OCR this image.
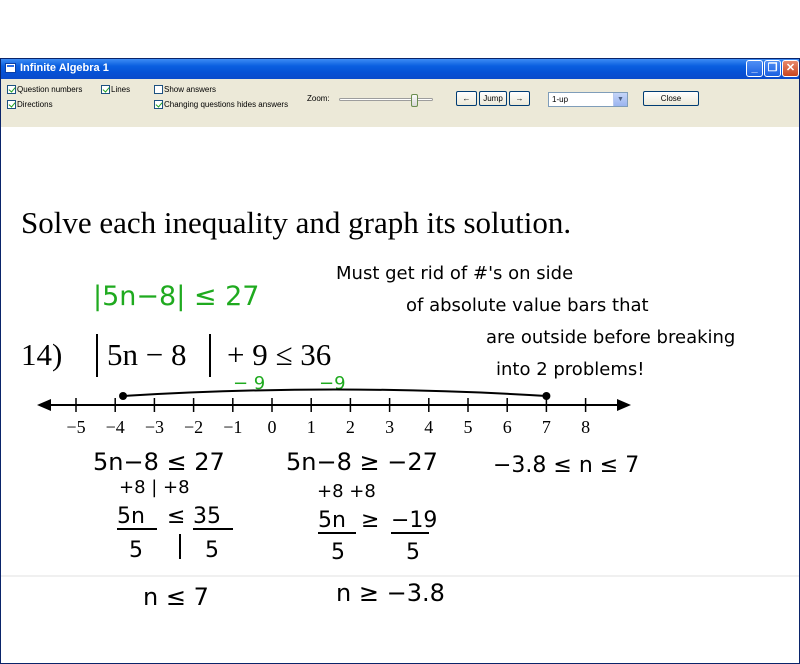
Infinite Algebra 1	_ ❐ ✕
Question numbers
Directions
Lines	Show answers
Changing questions hides answers
Zoom:	←	Jump	→	1-up	▼	Close
Solve each inequality and graph its solution.
|5n−8| ≤ 27
Must get rid of #'s on side
of absolute value bars that
are outside before breaking
into 2 problems!
14) 5n − 8 + 9 ≤ 36
− 9	−9
−5 −4 −3 −2 −1 0 1 2 3 4 5 6 7 8
5n−8 ≤ 27
+8 | +8
5n ≤ 35
5	5
n ≤ 7
5n−8 ≥ −27
+8 +8
5n ≥ −19
5	5
n ≥ −3.8
−3.8 ≤ n ≤ 7
